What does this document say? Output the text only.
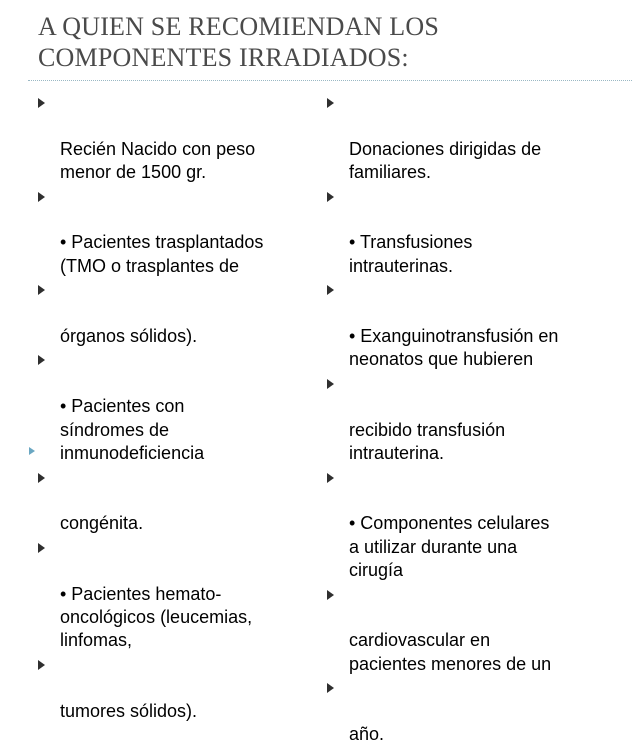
A QUIEN SE RECOMIENDAN LOS
COMPONENTES IRRADIADOS:

Recién Nacido con peso
menor de 1500 gr.

• Pacientes trasplantados
(TMO o trasplantes de

órganos sólidos).

• Pacientes con
síndromes de
inmunodeficiencia

congénita.

• Pacientes hemato-
oncológicos (leucemias,
linfomas,

tumores sólidos).

Donaciones dirigidas de
familiares.

• Transfusiones
intrauterinas.

• Exanguinotransfusión en
neonatos que hubieren

recibido transfusión
intrauterina.

• Componentes celulares
a utilizar durante una
cirugía

cardiovascular en
pacientes menores de un

año.
